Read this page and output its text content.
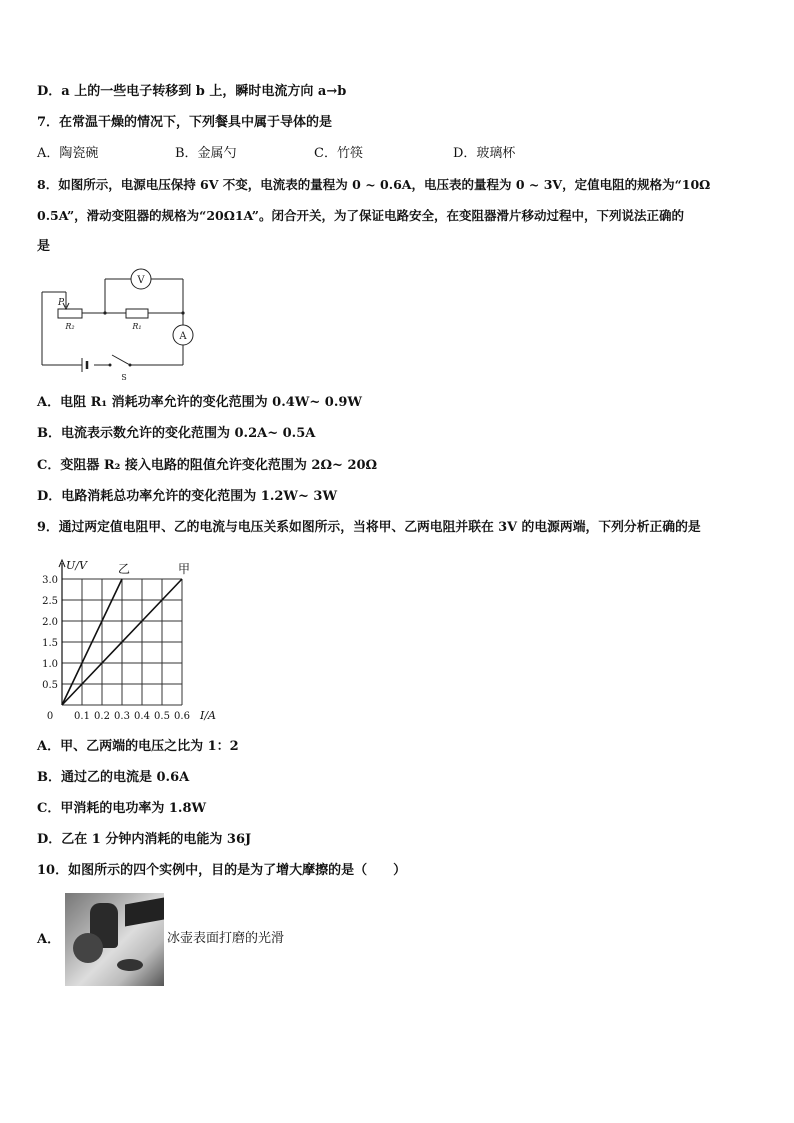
D．a 上的一些电子转移到 b 上，瞬时电流方向 a→b
7．在常温干燥的情况下，下列餐具中属于导体的是
A．陶瓷碗	B．金属勺	C．竹筷	D．玻璃杯
8．如图所示，电源电压保持 6V 不变，电流表的量程为 0 ~ 0.6A，电压表的量程为 0 ~ 3V，定值电阻的规格为“10Ω
0.5A”，滑动变阻器的规格为“20Ω1A”。闭合开关，为了保证电路安全，在变阻器滑片移动过程中，下列说法正确的
是
V
A
P
R₂	R₁
S
A．电阻 R₁ 消耗功率允许的变化范围为 0.4W~ 0.9W
B．电流表示数允许的变化范围为 0.2A~ 0.5A
C．变阻器 R₂ 接入电路的阻值允许变化范围为 2Ω~ 20Ω
D．电路消耗总功率允许的变化范围为 1.2W~ 3W
9．通过两定值电阻甲、乙的电流与电压关系如图所示，当将甲、乙两电阻并联在 3V 的电源两端，下列分析正确的是
0.1 0.2 0.3 0.4 0.5 0.6
0.5
1.0
1.5
2.0
2.5
3.0
0
U/V
I/A
乙	甲
A．甲、乙两端的电压之比为 1：2
B．通过乙的电流是 0.6A
C．甲消耗的电功率为 1.8W
D．乙在 1 分钟内消耗的电能为 36J
10．如图所示的四个实例中，目的是为了增大摩擦的是（　　）
A．	冰壶表面打磨的光滑
